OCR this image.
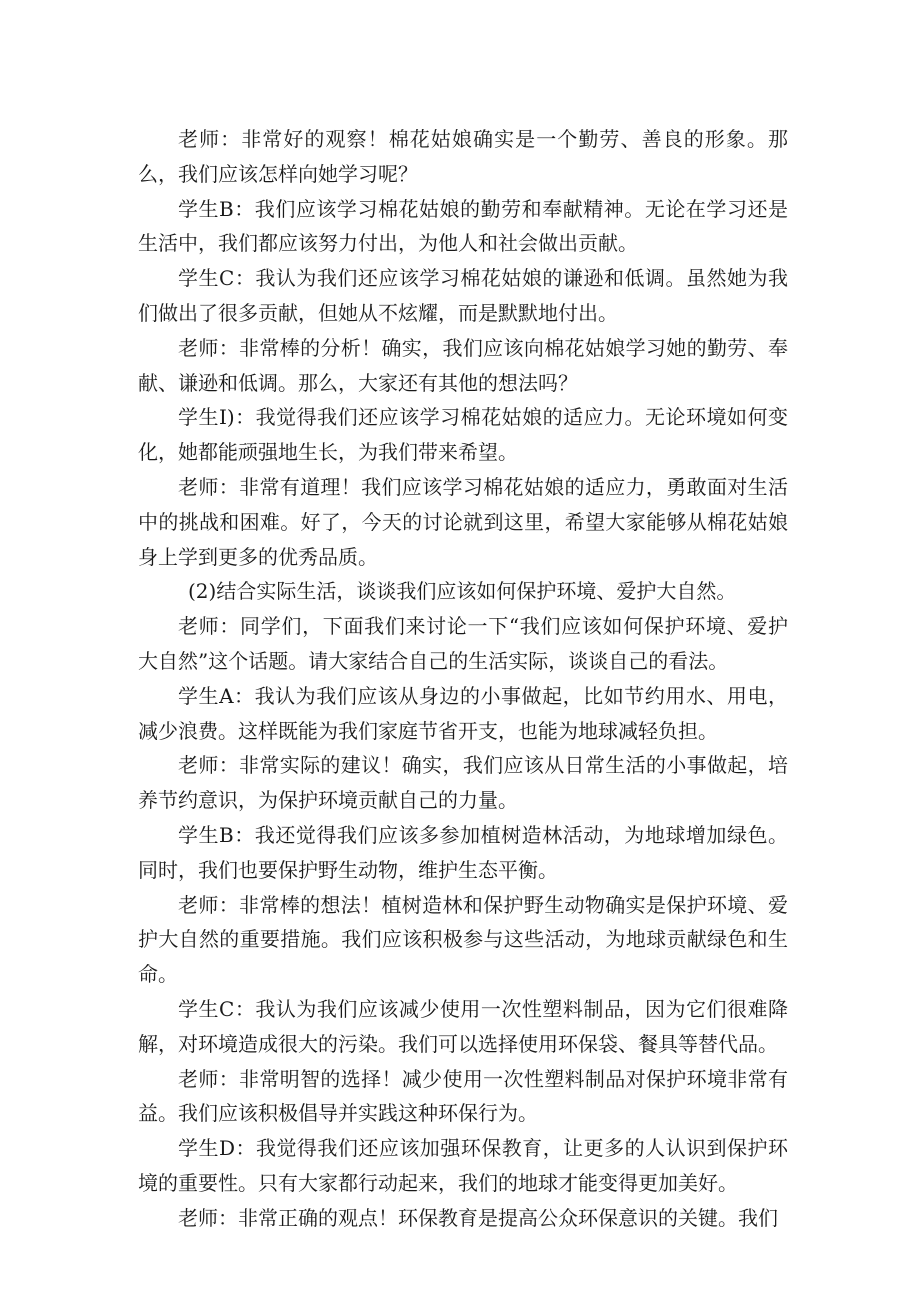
老师：非常好的观察！棉花姑娘确实是一个勤劳、善良的形象。那么，我们应该怎样向她学习呢？

学生B：我们应该学习棉花姑娘的勤劳和奉献精神。无论在学习还是生活中，我们都应该努力付出，为他人和社会做出贡献。

学生C：我认为我们还应该学习棉花姑娘的谦逊和低调。虽然她为我们做出了很多贡献，但她从不炫耀，而是默默地付出。

老师：非常棒的分析！确实，我们应该向棉花姑娘学习她的勤劳、奉献、谦逊和低调。那么，大家还有其他的想法吗？

学生I)：我觉得我们还应该学习棉花姑娘的适应力。无论环境如何变化，她都能顽强地生长，为我们带来希望。

老师：非常有道理！我们应该学习棉花姑娘的适应力，勇敢面对生活中的挑战和困难。好了，今天的讨论就到这里，希望大家能够从棉花姑娘身上学到更多的优秀品质。

(2)结合实际生活，谈谈我们应该如何保护环境、爱护大自然。

老师：同学们，下面我们来讨论一下“我们应该如何保护环境、爱护大自然”这个话题。请大家结合自己的生活实际，谈谈自己的看法。

学生A：我认为我们应该从身边的小事做起，比如节约用水、用电，减少浪费。这样既能为我们家庭节省开支，也能为地球减轻负担。

老师：非常实际的建议！确实，我们应该从日常生活的小事做起，培养节约意识，为保护环境贡献自己的力量。

学生B：我还觉得我们应该多参加植树造林活动，为地球增加绿色。同时，我们也要保护野生动物，维护生态平衡。

老师：非常棒的想法！植树造林和保护野生动物确实是保护环境、爱护大自然的重要措施。我们应该积极参与这些活动，为地球贡献绿色和生命。

学生C：我认为我们应该减少使用一次性塑料制品，因为它们很难降解，对环境造成很大的污染。我们可以选择使用环保袋、餐具等替代品。

老师：非常明智的选择！减少使用一次性塑料制品对保护环境非常有益。我们应该积极倡导并实践这种环保行为。

学生D：我觉得我们还应该加强环保教育，让更多的人认识到保护环境的重要性。只有大家都行动起来，我们的地球才能变得更加美好。

老师：非常正确的观点！环保教育是提高公众环保意识的关键。我们
